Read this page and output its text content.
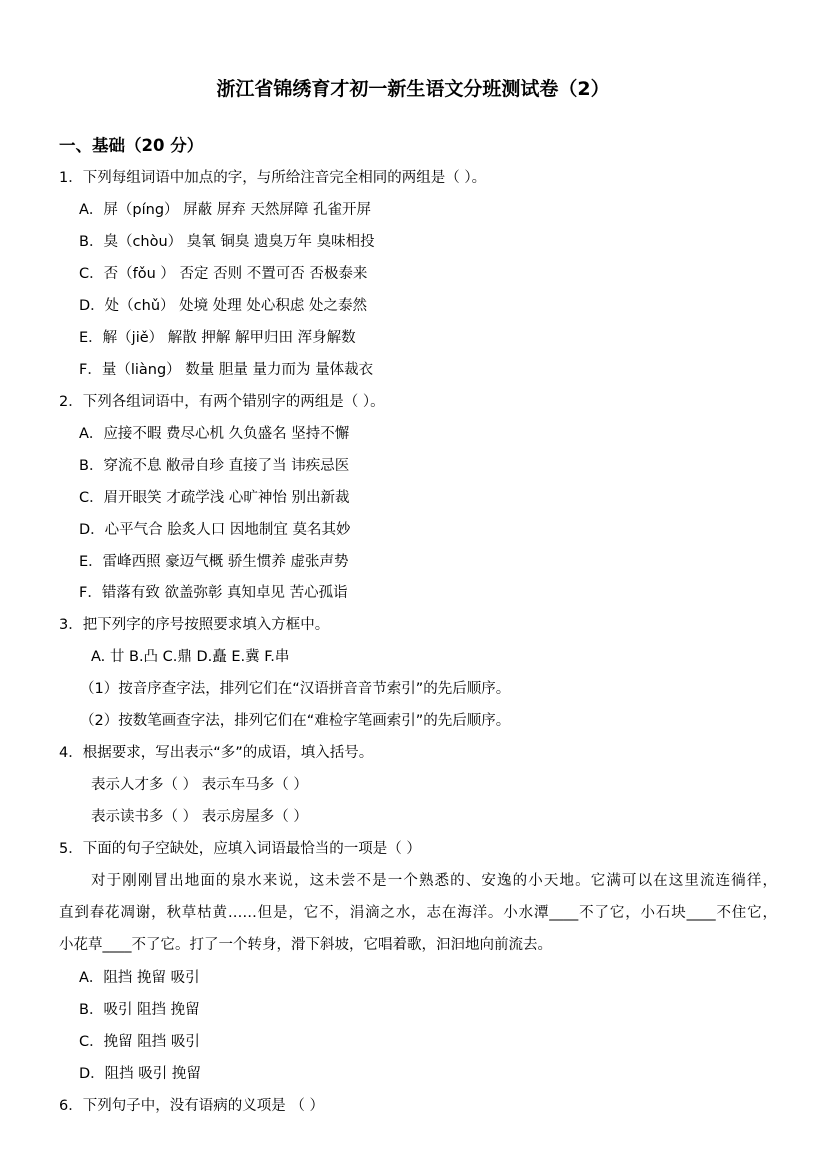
浙江省锦绣育才初一新生语文分班测试卷（2）
一、基础（20 分）
1．下列每组词语中加点的字，与所给注音完全相同的两组是（ ）。
A．屏（píng） 屏蔽 屏弃 天然屏障 孔雀开屏
B．臭（chòu） 臭氧 铜臭 遗臭万年 臭味相投
C．否（fǒu ） 否定 否则 不置可否 否极泰来
D．处（chǔ） 处境 处理 处心积虑 处之泰然
E．解（jiě） 解散 押解 解甲归田 浑身解数
F．量（liàng） 数量 胆量 量力而为 量体裁衣
2．下列各组词语中，有两个错别字的两组是（ ）。
A．应接不暇 费尽心机 久负盛名 坚持不懈
B．穿流不息 敝帚自珍 直接了当 讳疾忌医
C．眉开眼笑 才疏学浅 心旷神怡 别出新裁
D．心平气合 脍炙人口 因地制宜 莫名其妙
E．雷峰西照 豪迈气概 骄生惯养 虚张声势
F．错落有致 欲盖弥彰 真知卓见 苦心孤诣
3．把下列字的序号按照要求填入方框中。
A. 廿 B.凸 C.鼎 D.矗 E.冀 F.串
（1）按音序查字法，排列它们在“汉语拼音音节索引”的先后顺序。
（2）按数笔画查字法，排列它们在“难检字笔画索引”的先后顺序。
4．根据要求，写出表示“多”的成语，填入括号。
表示人才多（ ） 表示车马多（ ）
表示读书多（ ） 表示房屋多（ ）
5．下面的句子空缺处，应填入词语最恰当的一项是（ ）
对于刚刚冒出地面的泉水来说，这未尝不是一个熟悉的、安逸的小天地。它满可以在这里流连徜徉，
直到春花凋谢，秋草枯黄……但是，它不，涓滴之水，志在海洋。小水潭____不了它，小石块____不住它，
小花草____不了它。打了一个转身，滑下斜坡，它唱着歌，汩汩地向前流去。
A．阻挡 挽留 吸引
B．吸引 阻挡 挽留
C．挽留 阻挡 吸引
D．阻挡 吸引 挽留
6．下列句子中，没有语病的义项是 （ ）
